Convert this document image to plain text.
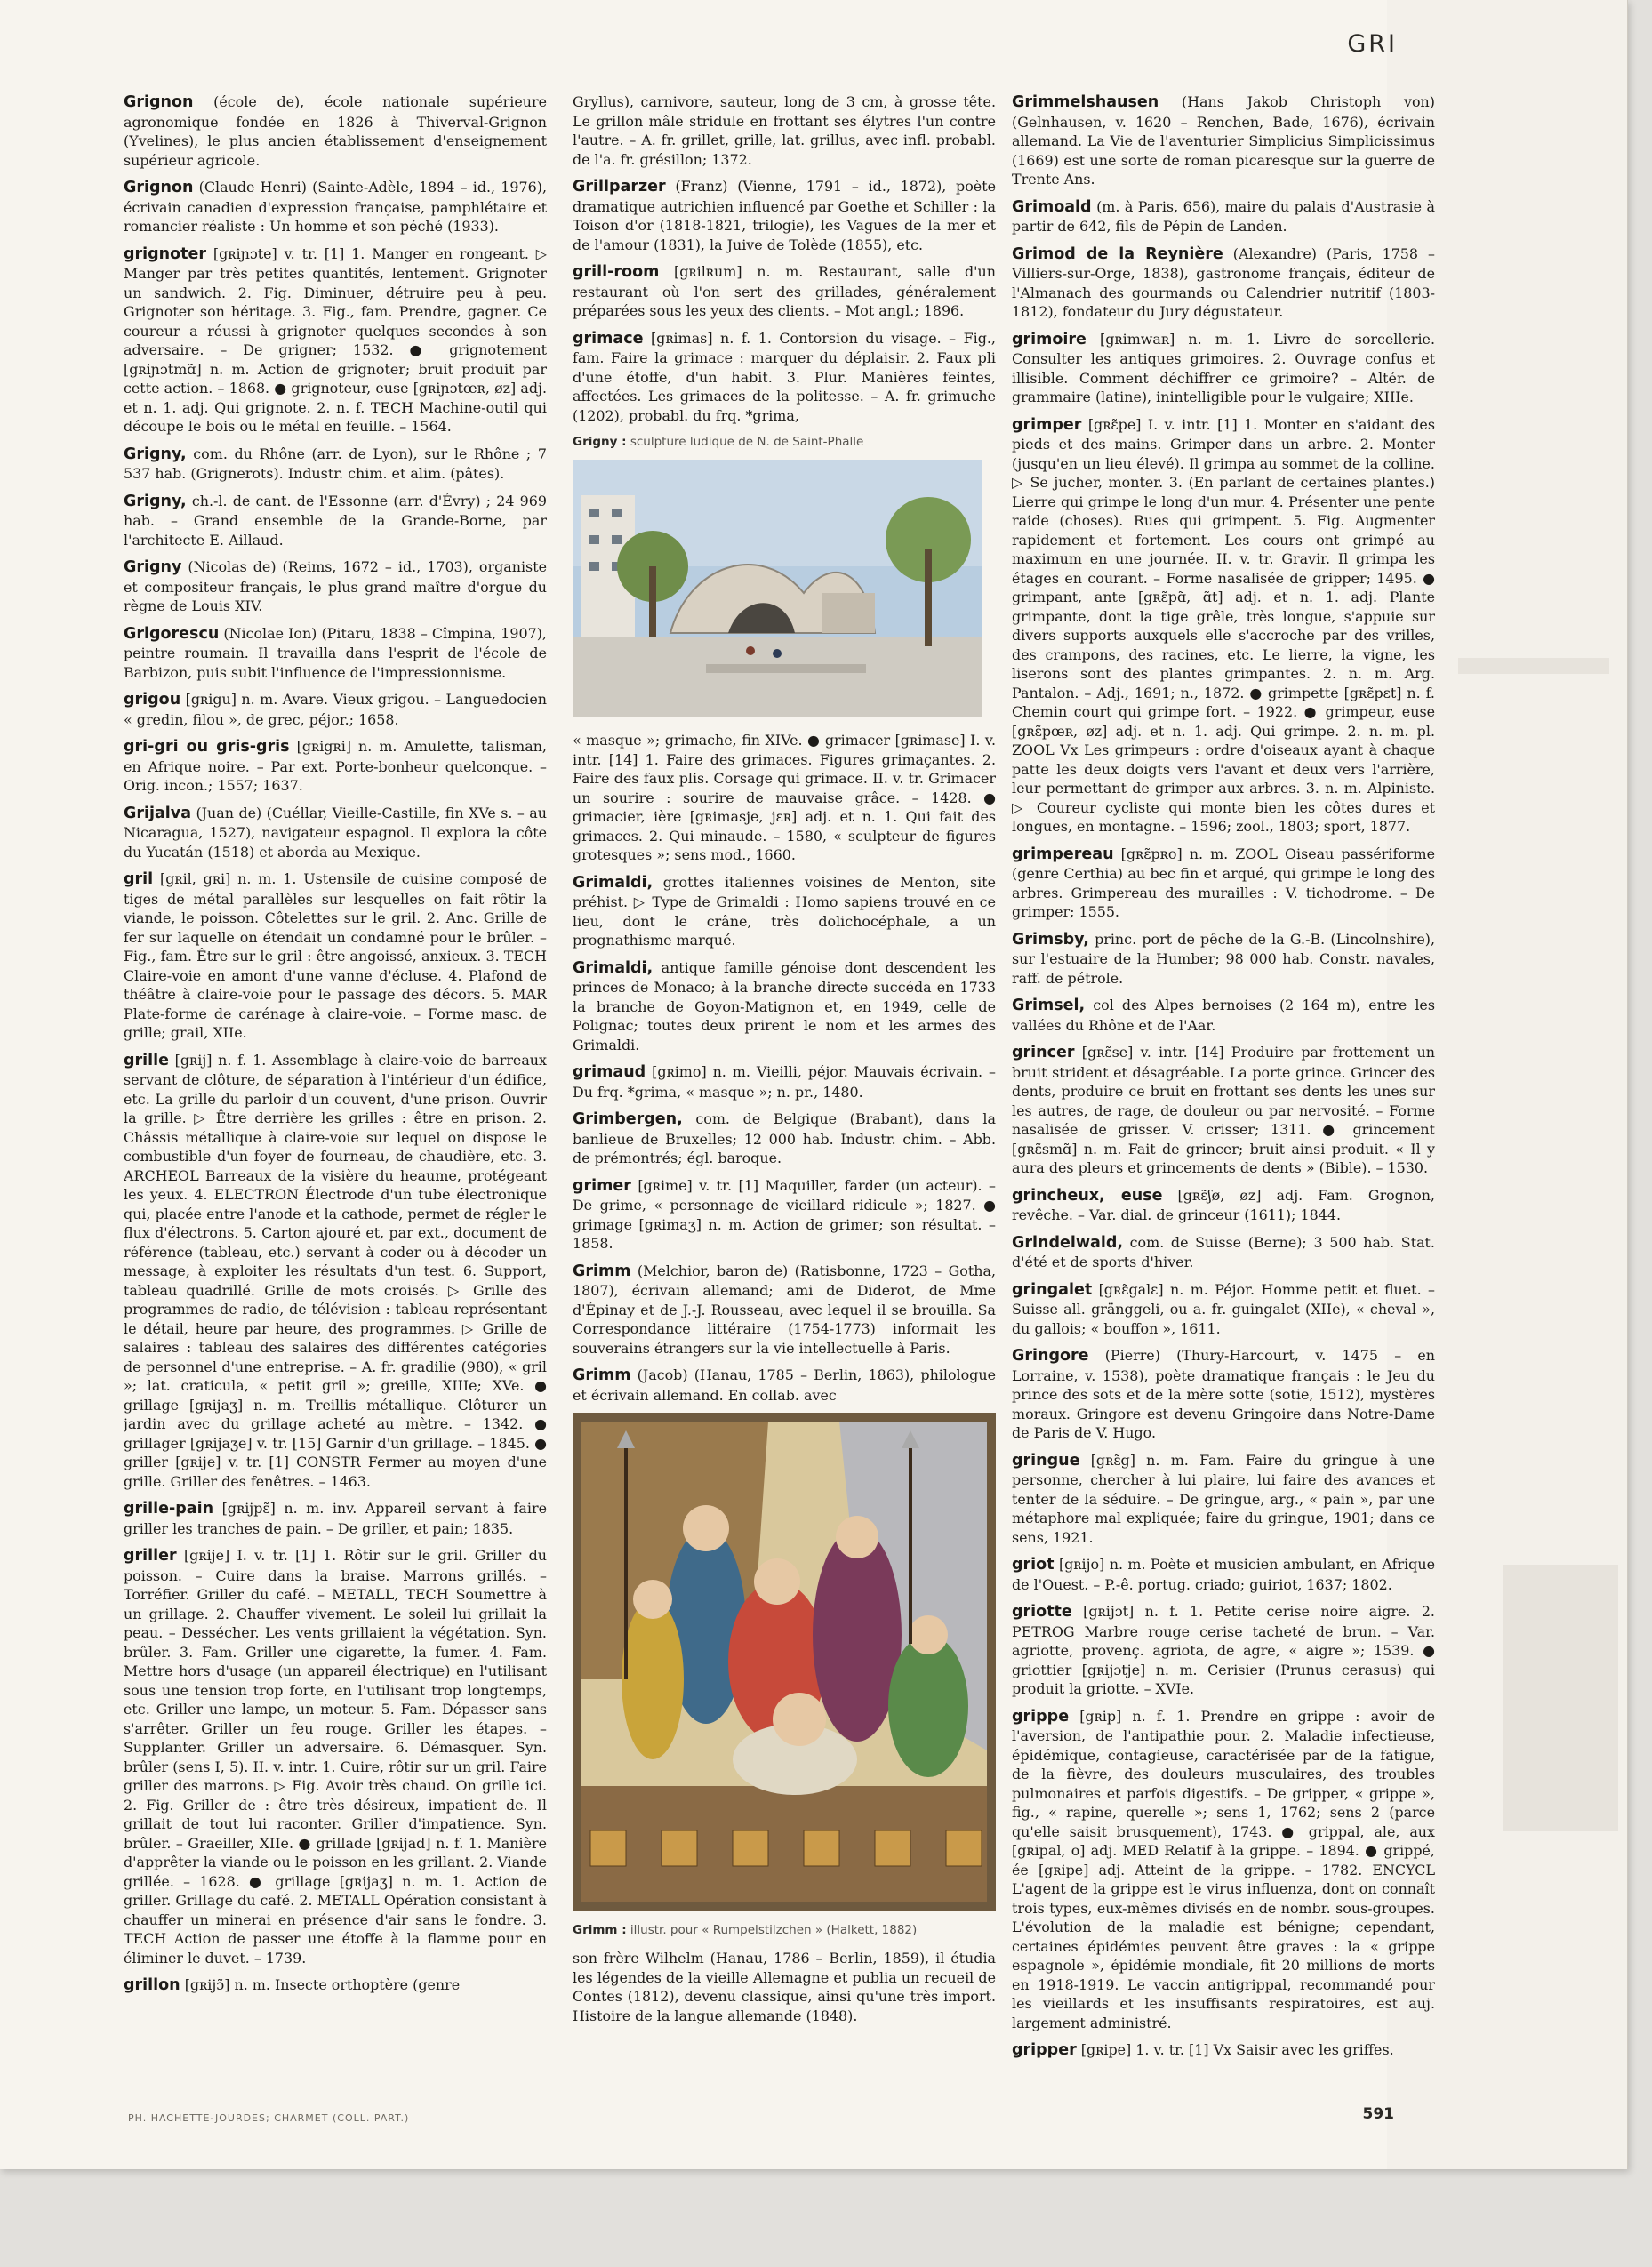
GRI

Grignon (école de), école nationale supérieure agronomique fondée en 1826 à Thiverval-Grignon (Yvelines), le plus ancien établissement d'enseignement supérieur agricole.

Grignon (Claude Henri) (Sainte-Adèle, 1894 – id., 1976), écrivain canadien d'expression française, pamphlétaire et romancier réaliste : Un homme et son péché (1933).

grignoter [gʀiɲɔte] v. tr. [1] 1. Manger en rongeant. ▷ Manger par très petites quantités, lentement. Grignoter un sandwich. 2. Fig. Diminuer, détruire peu à peu. Grignoter son héritage. 3. Fig., fam. Prendre, gagner. Ce coureur a réussi à grignoter quelques secondes à son adversaire. – De grigner; 1532. ● grignotement [gʀiɲɔtmɑ̃] n. m. Action de grignoter; bruit produit par cette action. – 1868. ● grignoteur, euse [gʀiɲɔtœʀ, øz] adj. et n. 1. adj. Qui grignote. 2. n. f. TECH Machine-outil qui découpe le bois ou le métal en feuille. – 1564.

Grigny, com. du Rhône (arr. de Lyon), sur le Rhône ; 7 537 hab. (Grignerots). Industr. chim. et alim. (pâtes).

Grigny, ch.-l. de cant. de l'Essonne (arr. d'Évry) ; 24 969 hab. – Grand ensemble de la Grande-Borne, par l'architecte E. Aillaud.

Grigny (Nicolas de) (Reims, 1672 – id., 1703), organiste et compositeur français, le plus grand maître d'orgue du règne de Louis XIV.

Grigorescu (Nicolae Ion) (Pitaru, 1838 – Cîmpina, 1907), peintre roumain. Il travailla dans l'esprit de l'école de Barbizon, puis subit l'influence de l'impressionnisme.

grigou [gʀigu] n. m. Avare. Vieux grigou. – Languedocien « gredin, filou », de grec, péjor.; 1658.

gri-gri ou gris-gris [gʀigʀi] n. m. Amulette, talisman, en Afrique noire. – Par ext. Porte-bonheur quelconque. – Orig. incon.; 1557; 1637.

Grijalva (Juan de) (Cuéllar, Vieille-Castille, fin XVe s. – au Nicaragua, 1527), navigateur espagnol. Il explora la côte du Yucatán (1518) et aborda au Mexique.

gril [gʀil, gʀi] n. m. 1. Ustensile de cuisine composé de tiges de métal parallèles sur lesquelles on fait rôtir la viande, le poisson. Côtelettes sur le gril. 2. Anc. Grille de fer sur laquelle on étendait un condamné pour le brûler. – Fig., fam. Être sur le gril : être angoissé, anxieux. 3. TECH Claire-voie en amont d'une vanne d'écluse. 4. Plafond de théâtre à claire-voie pour le passage des décors. 5. MAR Plate-forme de carénage à claire-voie. – Forme masc. de grille; grail, XIIe.

grille [gʀij] n. f. 1. Assemblage à claire-voie de barreaux servant de clôture, de séparation à l'intérieur d'un édifice, etc. La grille du parloir d'un couvent, d'une prison. Ouvrir la grille. ▷ Être derrière les grilles : être en prison. 2. Châssis métallique à claire-voie sur lequel on dispose le combustible d'un foyer de fourneau, de chaudière, etc. 3. ARCHEOL Barreaux de la visière du heaume, protégeant les yeux. 4. ELECTRON Électrode d'un tube électronique qui, placée entre l'anode et la cathode, permet de régler le flux d'électrons. 5. Carton ajouré et, par ext., document de référence (tableau, etc.) servant à coder ou à décoder un message, à exploiter les résultats d'un test. 6. Support, tableau quadrillé. Grille de mots croisés. ▷ Grille des programmes de radio, de télévision : tableau représentant le détail, heure par heure, des programmes. ▷ Grille de salaires : tableau des salaires des différentes catégories de personnel d'une entreprise. – A. fr. gradilie (980), « gril »; lat. craticula, « petit gril »; greille, XIIIe; XVe. ● grillage [gʀijaʒ] n. m. Treillis métallique. Clôturer un jardin avec du grillage acheté au mètre. – 1342. ● grillager [gʀijaʒe] v. tr. [15] Garnir d'un grillage. – 1845. ● griller [gʀije] v. tr. [1] CONSTR Fermer au moyen d'une grille. Griller des fenêtres. – 1463.

grille-pain [gʀijpɛ̃] n. m. inv. Appareil servant à faire griller les tranches de pain. – De griller, et pain; 1835.

griller [gʀije] I. v. tr. [1] 1. Rôtir sur le gril. Griller du poisson. – Cuire dans la braise. Marrons grillés. – Torréfier. Griller du café. – METALL, TECH Soumettre à un grillage. 2. Chauffer vivement. Le soleil lui grillait la peau. – Dessécher. Les vents grillaient la végétation. Syn. brûler. 3. Fam. Griller une cigarette, la fumer. 4. Fam. Mettre hors d'usage (un appareil électrique) en l'utilisant sous une tension trop forte, en l'utilisant trop longtemps, etc. Griller une lampe, un moteur. 5. Fam. Dépasser sans s'arrêter. Griller un feu rouge. Griller les étapes. – Supplanter. Griller un adversaire. 6. Démasquer. Syn. brûler (sens I, 5). II. v. intr. 1. Cuire, rôtir sur un gril. Faire griller des marrons. ▷ Fig. Avoir très chaud. On grille ici. 2. Fig. Griller de : être très désireux, impatient de. Il grillait de tout lui raconter. Griller d'impatience. Syn. brûler. – Graeiller, XIIe. ● grillade [gʀijad] n. f. 1. Manière d'apprêter la viande ou le poisson en les grillant. 2. Viande grillée. – 1628. ● grillage [gʀijaʒ] n. m. 1. Action de griller. Grillage du café. 2. METALL Opération consistant à chauffer un minerai en présence d'air sans le fondre. 3. TECH Action de passer une étoffe à la flamme pour en éliminer le duvet. – 1739.

grillon [gʀijɔ̃] n. m. Insecte orthoptère (genre

Gryllus), carnivore, sauteur, long de 3 cm, à grosse tête. Le grillon mâle stridule en frottant ses élytres l'un contre l'autre. – A. fr. grillet, grille, lat. grillus, avec infl. probabl. de l'a. fr. grésillon; 1372.

Grillparzer (Franz) (Vienne, 1791 – id., 1872), poète dramatique autrichien influencé par Goethe et Schiller : la Toison d'or (1818-1821, trilogie), les Vagues de la mer et de l'amour (1831), la Juive de Tolède (1855), etc.

grill-room [gʀilʀum] n. m. Restaurant, salle d'un restaurant où l'on sert des grillades, généralement préparées sous les yeux des clients. – Mot angl.; 1896.

grimace [gʀimas] n. f. 1. Contorsion du visage. – Fig., fam. Faire la grimace : marquer du déplaisir. 2. Faux pli d'une étoffe, d'un habit. 3. Plur. Manières feintes, affectées. Les grimaces de la politesse. – A. fr. grimuche (1202), probabl. du frq. *grima,

Grigny : sculpture ludique de N. de Saint-Phalle

« masque »; grimache, fin XIVe. ● grimacer [gʀimase] I. v. intr. [14] 1. Faire des grimaces. Figures grimaçantes. 2. Faire des faux plis. Corsage qui grimace. II. v. tr. Grimacer un sourire : sourire de mauvaise grâce. – 1428. ● grimacier, ière [gʀimasje, jɛʀ] adj. et n. 1. Qui fait des grimaces. 2. Qui minaude. – 1580, « sculpteur de figures grotesques »; sens mod., 1660.

Grimaldi, grottes italiennes voisines de Menton, site préhist. ▷ Type de Grimaldi : Homo sapiens trouvé en ce lieu, dont le crâne, très dolichocéphale, a un prognathisme marqué.

Grimaldi, antique famille génoise dont descendent les princes de Monaco; à la branche directe succéda en 1733 la branche de Goyon-Matignon et, en 1949, celle de Polignac; toutes deux prirent le nom et les armes des Grimaldi.

grimaud [gʀimo] n. m. Vieilli, péjor. Mauvais écrivain. – Du frq. *grima, « masque »; n. pr., 1480.

Grimbergen, com. de Belgique (Brabant), dans la banlieue de Bruxelles; 12 000 hab. Industr. chim. – Abb. de prémontrés; égl. baroque.

grimer [gʀime] v. tr. [1] Maquiller, farder (un acteur). – De grime, « personnage de vieillard ridicule »; 1827. ● grimage [gʀimaʒ] n. m. Action de grimer; son résultat. – 1858.

Grimm (Melchior, baron de) (Ratisbonne, 1723 – Gotha, 1807), écrivain allemand; ami de Diderot, de Mme d'Épinay et de J.-J. Rousseau, avec lequel il se brouilla. Sa Correspondance littéraire (1754-1773) informait les souverains étrangers sur la vie intellectuelle à Paris.

Grimm (Jacob) (Hanau, 1785 – Berlin, 1863), philologue et écrivain allemand. En collab. avec

Grimm : illustr. pour « Rumpelstilzchen » (Halkett, 1882)

son frère Wilhelm (Hanau, 1786 – Berlin, 1859), il étudia les légendes de la vieille Allemagne et publia un recueil de Contes (1812), devenu classique, ainsi qu'une très import. Histoire de la langue allemande (1848).

Grimmelshausen (Hans Jakob Christoph von) (Gelnhausen, v. 1620 – Renchen, Bade, 1676), écrivain allemand. La Vie de l'aventurier Simplicius Simplicissimus (1669) est une sorte de roman picaresque sur la guerre de Trente Ans.

Grimoald (m. à Paris, 656), maire du palais d'Austrasie à partir de 642, fils de Pépin de Landen.

Grimod de la Reynière (Alexandre) (Paris, 1758 – Villiers-sur-Orge, 1838), gastronome français, éditeur de l'Almanach des gourmands ou Calendrier nutritif (1803-1812), fondateur du Jury dégustateur.

grimoire [gʀimwaʀ] n. m. 1. Livre de sorcellerie. Consulter les antiques grimoires. 2. Ouvrage confus et illisible. Comment déchiffrer ce grimoire? – Altér. de grammaire (latine), inintelligible pour le vulgaire; XIIIe.

grimper [gʀɛ̃pe] I. v. intr. [1] 1. Monter en s'aidant des pieds et des mains. Grimper dans un arbre. 2. Monter (jusqu'en un lieu élevé). Il grimpa au sommet de la colline. ▷ Se jucher, monter. 3. (En parlant de certaines plantes.) Lierre qui grimpe le long d'un mur. 4. Présenter une pente raide (choses). Rues qui grimpent. 5. Fig. Augmenter rapidement et fortement. Les cours ont grimpé au maximum en une journée. II. v. tr. Gravir. Il grimpa les étages en courant. – Forme nasalisée de gripper; 1495. ● grimpant, ante [gʀɛ̃pɑ̃, ɑ̃t] adj. et n. 1. adj. Plante grimpante, dont la tige grêle, très longue, s'appuie sur divers supports auxquels elle s'accroche par des vrilles, des crampons, des racines, etc. Le lierre, la vigne, les liserons sont des plantes grimpantes. 2. n. m. Arg. Pantalon. – Adj., 1691; n., 1872. ● grimpette [gʀɛ̃pɛt] n. f. Chemin court qui grimpe fort. – 1922. ● grimpeur, euse [gʀɛ̃pœʀ, øz] adj. et n. 1. adj. Qui grimpe. 2. n. m. pl. ZOOL Vx Les grimpeurs : ordre d'oiseaux ayant à chaque patte les deux doigts vers l'avant et deux vers l'arrière, leur permettant de grimper aux arbres. 3. n. m. Alpiniste. ▷ Coureur cycliste qui monte bien les côtes dures et longues, en montagne. – 1596; zool., 1803; sport, 1877.

grimpereau [gʀɛ̃pʀo] n. m. ZOOL Oiseau passériforme (genre Certhia) au bec fin et arqué, qui grimpe le long des arbres. Grimpereau des murailles : V. tichodrome. – De grimper; 1555.

Grimsby, princ. port de pêche de la G.-B. (Lincolnshire), sur l'estuaire de la Humber; 98 000 hab. Constr. navales, raff. de pétrole.

Grimsel, col des Alpes bernoises (2 164 m), entre les vallées du Rhône et de l'Aar.

grincer [gʀɛ̃se] v. intr. [14] Produire par frottement un bruit strident et désagréable. La porte grince. Grincer des dents, produire ce bruit en frottant ses dents les unes sur les autres, de rage, de douleur ou par nervosité. – Forme nasalisée de grisser. V. crisser; 1311. ● grincement [gʀɛ̃smɑ̃] n. m. Fait de grincer; bruit ainsi produit. « Il y aura des pleurs et grincements de dents » (Bible). – 1530.

grincheux, euse [gʀɛ̃ʃø, øz] adj. Fam. Grognon, revêche. – Var. dial. de grinceur (1611); 1844.

Grindelwald, com. de Suisse (Berne); 3 500 hab. Stat. d'été et de sports d'hiver.

gringalet [gʀɛ̃galɛ] n. m. Péjor. Homme petit et fluet. – Suisse all. gränggeli, ou a. fr. guingalet (XIIe), « cheval », du gallois; « bouffon », 1611.

Gringore (Pierre) (Thury-Harcourt, v. 1475 – en Lorraine, v. 1538), poète dramatique français : le Jeu du prince des sots et de la mère sotte (sotie, 1512), mystères moraux. Gringore est devenu Gringoire dans Notre-Dame de Paris de V. Hugo.

gringue [gʀɛ̃g] n. m. Fam. Faire du gringue à une personne, chercher à lui plaire, lui faire des avances et tenter de la séduire. – De gringue, arg., « pain », par une métaphore mal expliquée; faire du gringue, 1901; dans ce sens, 1921.

griot [gʀijo] n. m. Poète et musicien ambulant, en Afrique de l'Ouest. – P.-ê. portug. criado; guiriot, 1637; 1802.

griotte [gʀijɔt] n. f. 1. Petite cerise noire aigre. 2. PETROG Marbre rouge cerise tacheté de brun. – Var. agriotte, provenç. agriota, de agre, « aigre »; 1539. ● griottier [gʀijɔtje] n. m. Cerisier (Prunus cerasus) qui produit la griotte. – XVIe.

grippe [gʀip] n. f. 1. Prendre en grippe : avoir de l'aversion, de l'antipathie pour. 2. Maladie infectieuse, épidémique, contagieuse, caractérisée par de la fatigue, de la fièvre, des douleurs musculaires, des troubles pulmonaires et parfois digestifs. – De gripper, « grippe », fig., « rapine, querelle »; sens 1, 1762; sens 2 (parce qu'elle saisit brusquement), 1743. ● grippal, ale, aux [gʀipal, o] adj. MED Relatif à la grippe. – 1894. ● grippé, ée [gʀipe] adj. Atteint de la grippe. – 1782. ENCYCL L'agent de la grippe est le virus influenza, dont on connaît trois types, eux-mêmes divisés en de nombr. sous-groupes. L'évolution de la maladie est bénigne; cependant, certaines épidémies peuvent être graves : la « grippe espagnole », épidémie mondiale, fit 20 millions de morts en 1918-1919. Le vaccin antigrippal, recommandé pour les vieillards et les insuffisants respiratoires, est auj. largement administré.

gripper [gʀipe] 1. v. tr. [1] Vx Saisir avec les griffes.

PH. HACHETTE-JOURDES; CHARMET (COLL. PART.)	591
